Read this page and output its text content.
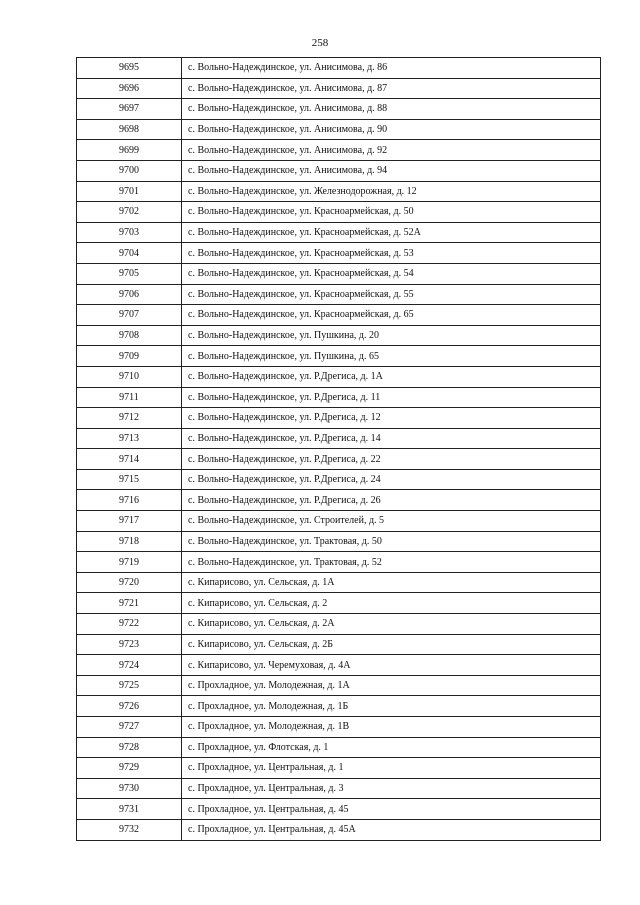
258
9695	с. Вольно-Надеждинское, ул. Анисимова, д. 86
9696	с. Вольно-Надеждинское, ул. Анисимова, д. 87
9697	с. Вольно-Надеждинское, ул. Анисимова, д. 88
9698	с. Вольно-Надеждинское, ул. Анисимова, д. 90
9699	с. Вольно-Надеждинское, ул. Анисимова, д. 92
9700	с. Вольно-Надеждинское, ул. Анисимова, д. 94
9701	с. Вольно-Надеждинское, ул. Железнодорожная, д. 12
9702	с. Вольно-Надеждинское, ул. Красноармейская, д. 50
9703	с. Вольно-Надеждинское, ул. Красноармейская, д. 52А
9704	с. Вольно-Надеждинское, ул. Красноармейская, д. 53
9705	с. Вольно-Надеждинское, ул. Красноармейская, д. 54
9706	с. Вольно-Надеждинское, ул. Красноармейская, д. 55
9707	с. Вольно-Надеждинское, ул. Красноармейская, д. 65
9708	с. Вольно-Надеждинское, ул. Пушкина, д. 20
9709	с. Вольно-Надеждинское, ул. Пушкина, д. 65
9710	с. Вольно-Надеждинское, ул. Р.Дрегиса, д. 1А
9711	с. Вольно-Надеждинское, ул. Р.Дрегиса, д. 11
9712	с. Вольно-Надеждинское, ул. Р.Дрегиса, д. 12
9713	с. Вольно-Надеждинское, ул. Р.Дрегиса, д. 14
9714	с. Вольно-Надеждинское, ул. Р.Дрегиса, д. 22
9715	с. Вольно-Надеждинское, ул. Р.Дрегиса, д. 24
9716	с. Вольно-Надеждинское, ул. Р.Дрегиса, д. 26
9717	с. Вольно-Надеждинское, ул. Строителей, д. 5
9718	с. Вольно-Надеждинское, ул. Трактовая, д. 50
9719	с. Вольно-Надеждинское, ул. Трактовая, д. 52
9720	с. Кипарисово, ул. Сельская, д. 1А
9721	с. Кипарисово, ул. Сельская, д. 2
9722	с. Кипарисово, ул. Сельская, д. 2А
9723	с. Кипарисово, ул. Сельская, д. 2Б
9724	с. Кипарисово, ул. Черемуховая, д. 4А
9725	с. Прохладное, ул. Молодежная, д. 1А
9726	с. Прохладное, ул. Молодежная, д. 1Б
9727	с. Прохладное, ул. Молодежная, д. 1В
9728	с. Прохладное, ул. Флотская, д. 1
9729	с. Прохладное, ул. Центральная, д. 1
9730	с. Прохладное, ул. Центральная, д. 3
9731	с. Прохладное, ул. Центральная, д. 45
9732	с. Прохладное, ул. Центральная, д. 45А
